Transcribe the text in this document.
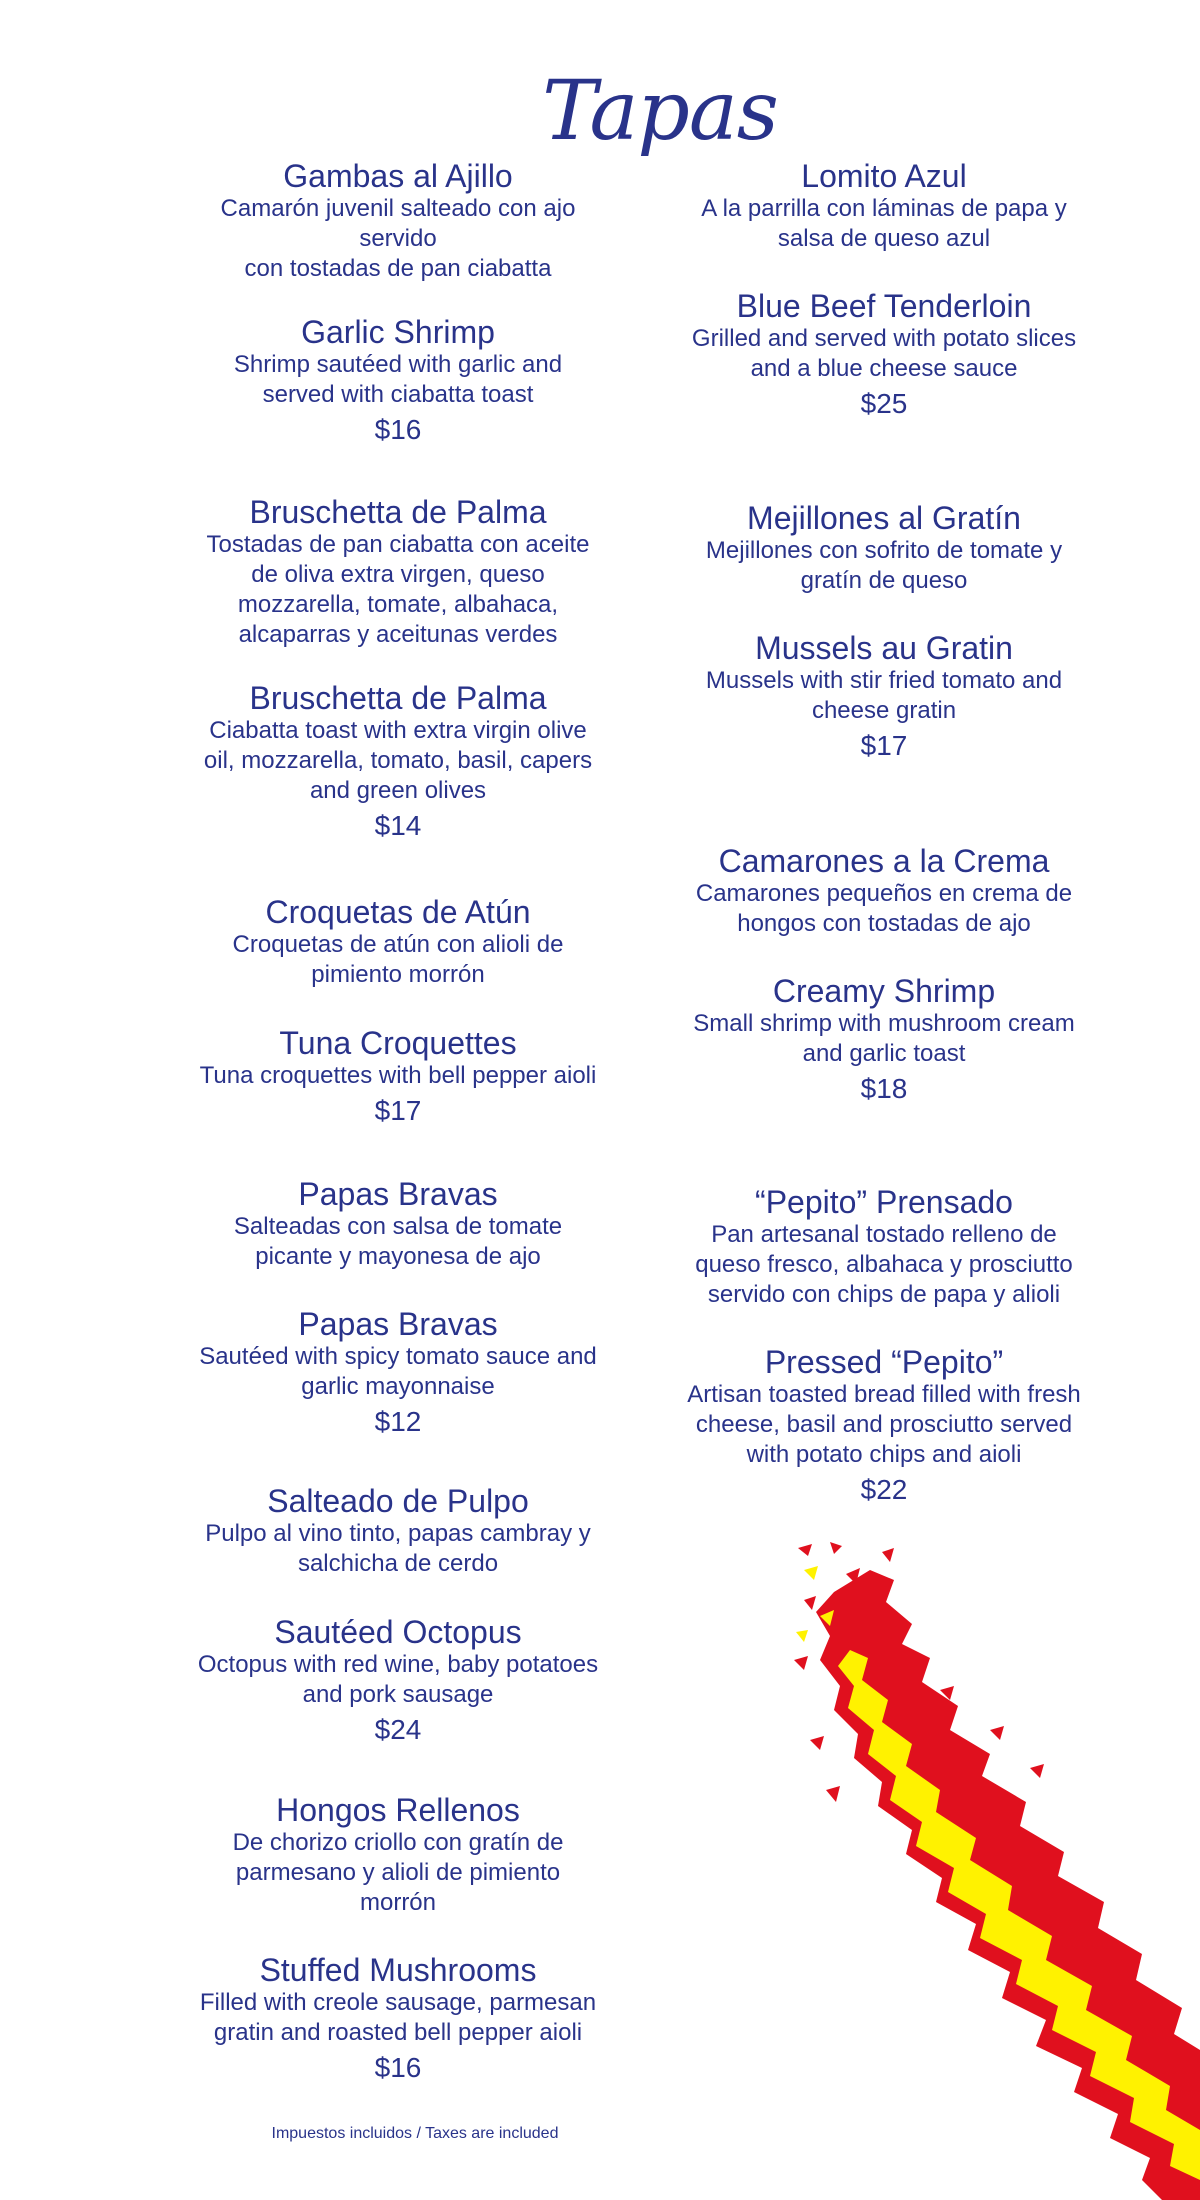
Tapas
Gambas al Ajillo
Camarón juvenil salteado con ajo
servido
con tostadas de pan ciabatta
Garlic Shrimp
Shrimp sautéed with garlic and
served with ciabatta toast
$16
Bruschetta de Palma
Tostadas de pan ciabatta con aceite
de oliva extra virgen, queso
mozzarella, tomate, albahaca,
alcaparras y aceitunas verdes
Bruschetta de Palma
Ciabatta toast with extra virgin olive
oil, mozzarella, tomato, basil, capers
and green olives
$14
Croquetas de Atún
Croquetas de atún con alioli de
pimiento morrón
Tuna Croquettes
Tuna croquettes with bell pepper aioli
$17
Papas Bravas
Salteadas con salsa de tomate
picante y mayonesa de ajo
Papas Bravas
Sautéed with spicy tomato sauce and
garlic mayonnaise
$12
Salteado de Pulpo
Pulpo al vino tinto, papas cambray y
salchicha de cerdo
Sautéed Octopus
Octopus with red wine, baby potatoes
and pork sausage
$24
Hongos Rellenos
De chorizo criollo con gratín de
parmesano y alioli de pimiento
morrón
Stuffed Mushrooms
Filled with creole sausage, parmesan
gratin and roasted bell pepper aioli
$16
Lomito Azul
A la parrilla con láminas de papa y
salsa de queso azul
Blue Beef Tenderloin
Grilled and served with potato slices
and a blue cheese sauce
$25
Mejillones al Gratín
Mejillones con sofrito de tomate y
gratín de queso
Mussels au Gratin
Mussels with stir fried tomato and
cheese gratin
$17
Camarones a la Crema
Camarones pequeños en crema de
hongos con tostadas de ajo
Creamy Shrimp
Small shrimp with mushroom cream
and garlic toast
$18
“Pepito” Prensado
Pan artesanal tostado relleno de
queso fresco, albahaca y prosciutto
servido con chips de papa y alioli
Pressed “Pepito”
Artisan toasted bread filled with fresh
cheese, basil and prosciutto served
with potato chips and aioli
$22
Impuestos incluidos / Taxes are included
